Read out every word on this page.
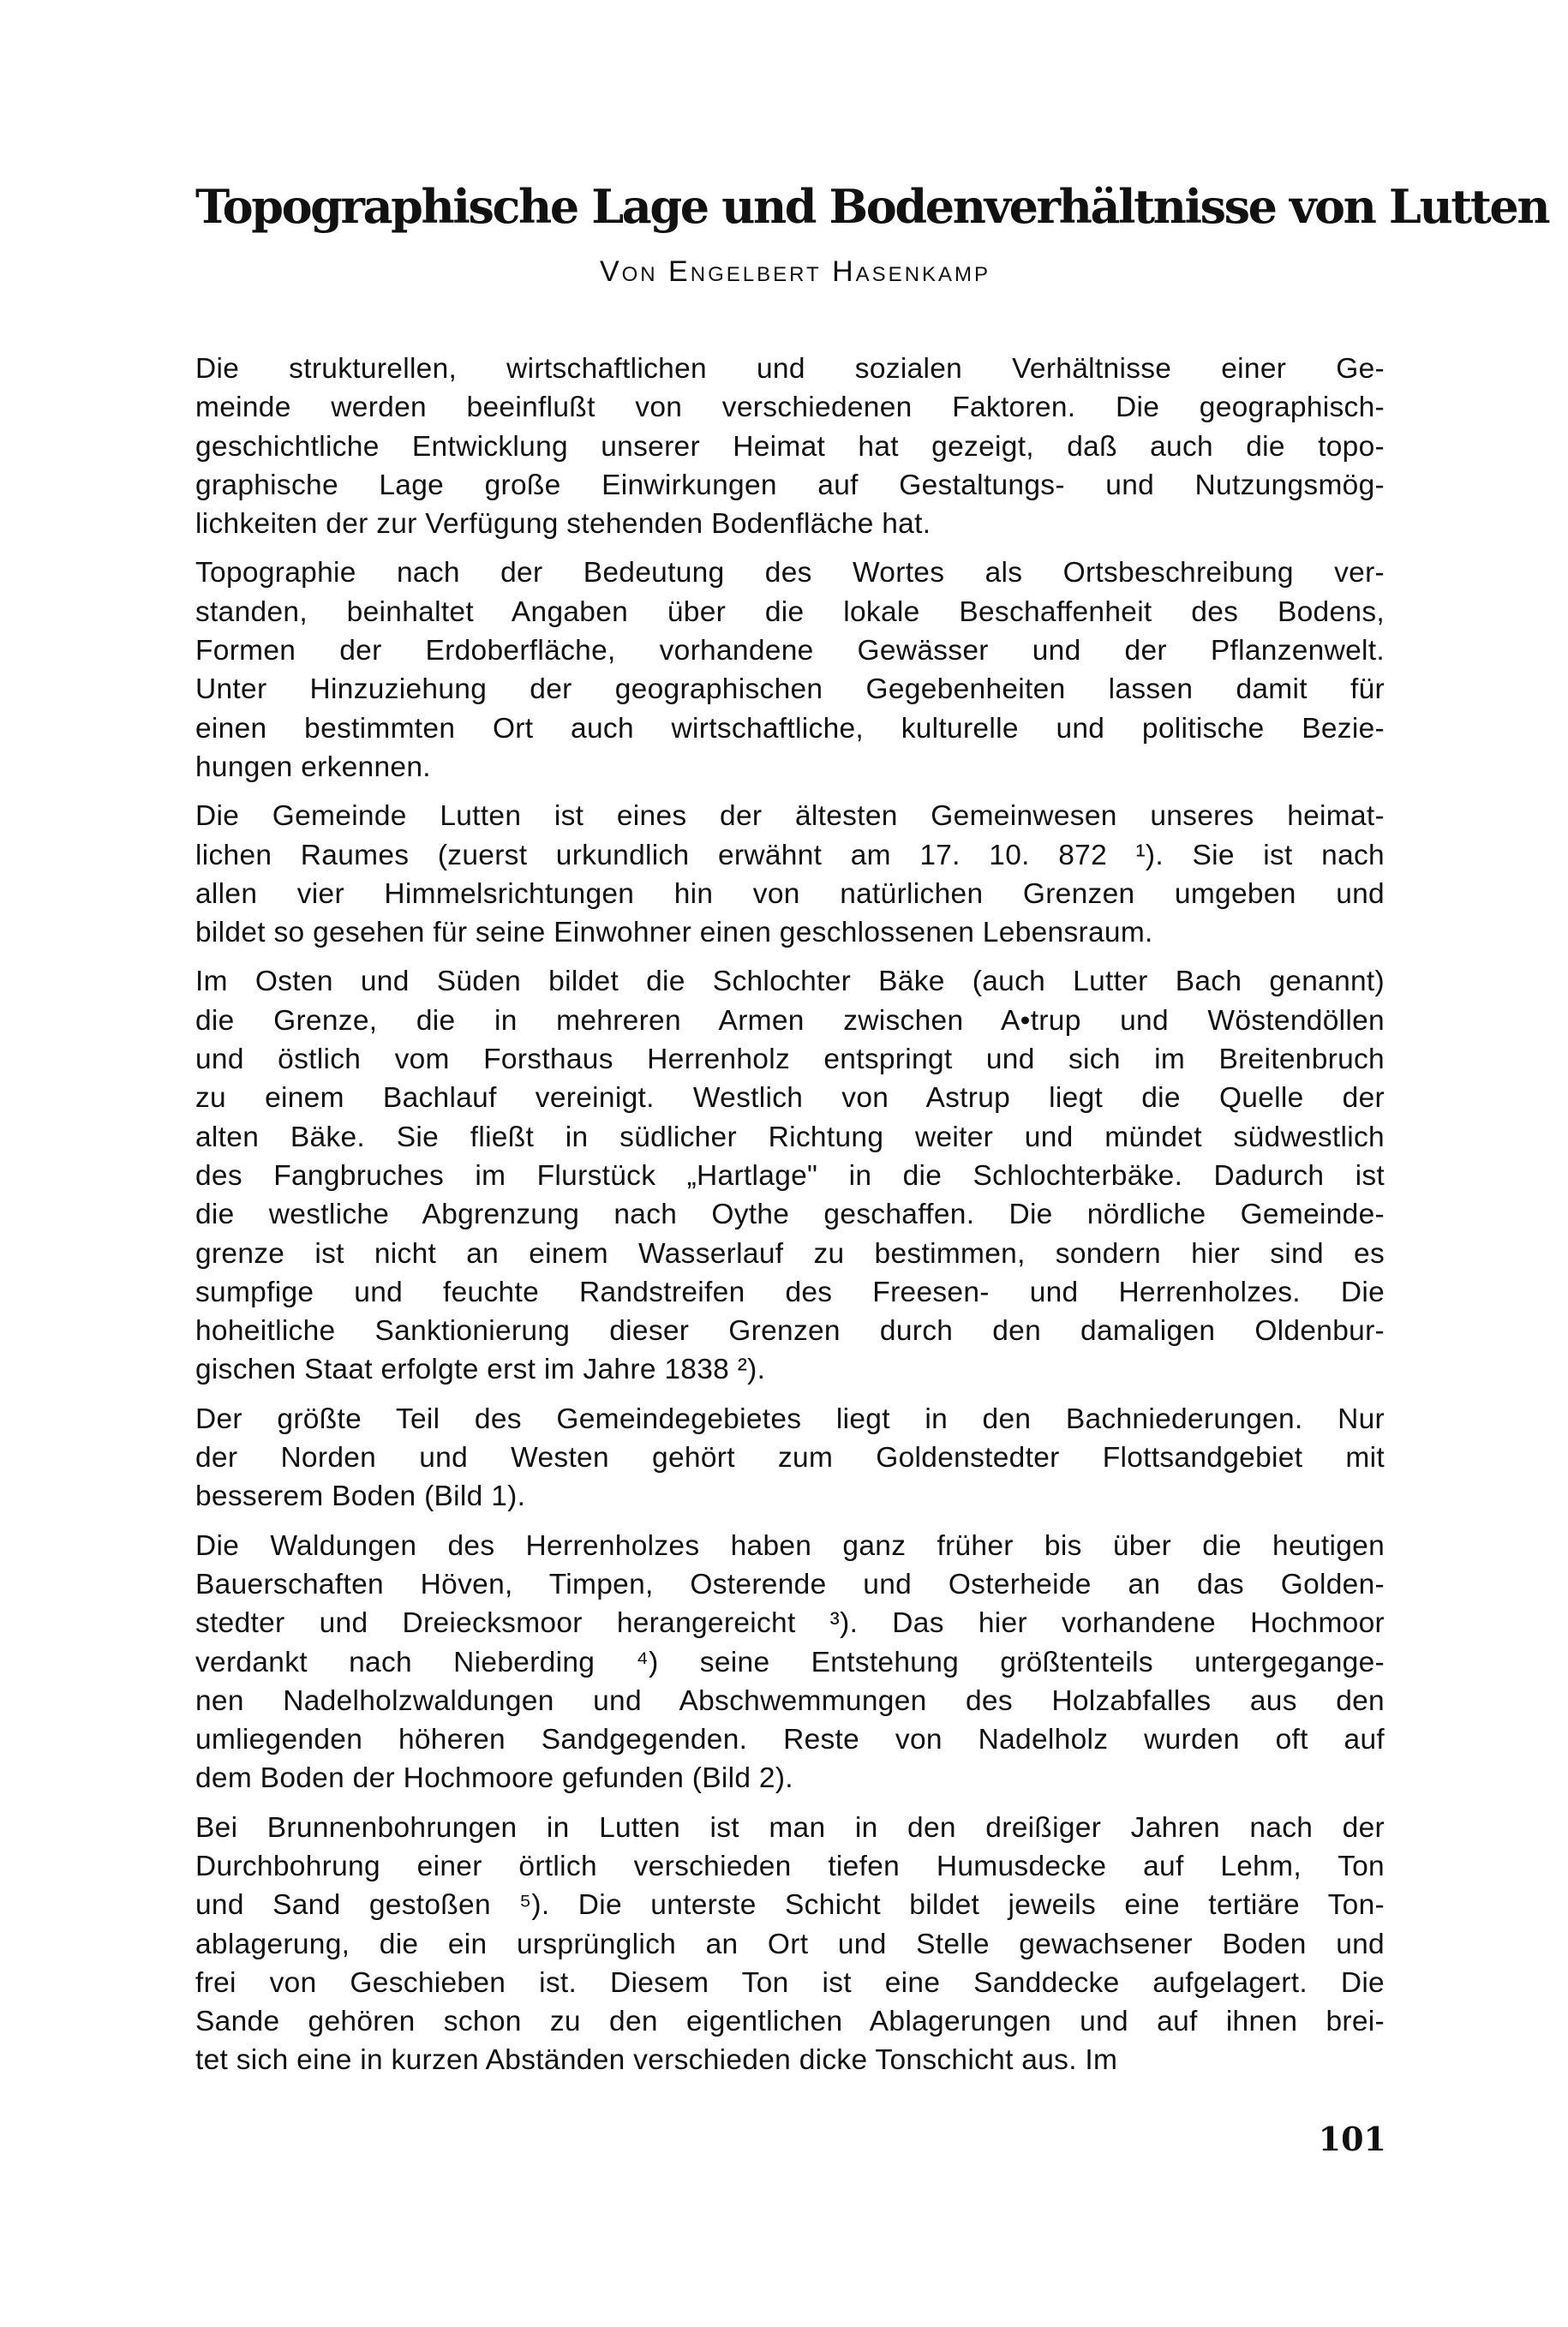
Topographische Lage und Bodenverhältnisse von Lutten
Von Engelbert Hasenkamp

Die strukturellen, wirtschaftlichen und sozialen Verhältnisse einer Ge-
meinde werden beeinflußt von verschiedenen Faktoren. Die geographisch-
geschichtliche Entwicklung unserer Heimat hat gezeigt, daß auch die topo-
graphische Lage große Einwirkungen auf Gestaltungs- und Nutzungsmög-
lichkeiten der zur Verfügung stehenden Bodenfläche hat.

Topographie nach der Bedeutung des Wortes als Ortsbeschreibung ver-
standen, beinhaltet Angaben über die lokale Beschaffenheit des Bodens,
Formen der Erdoberfläche, vorhandene Gewässer und der Pflanzenwelt.
Unter Hinzuziehung der geographischen Gegebenheiten lassen damit für
einen bestimmten Ort auch wirtschaftliche, kulturelle und politische Bezie-
hungen erkennen.

Die Gemeinde Lutten ist eines der ältesten Gemeinwesen unseres heimat-
lichen Raumes (zuerst urkundlich erwähnt am 17. 10. 872 ¹). Sie ist nach
allen vier Himmelsrichtungen hin von natürlichen Grenzen umgeben und
bildet so gesehen für seine Einwohner einen geschlossenen Lebensraum.

Im Osten und Süden bildet die Schlochter Bäke (auch Lutter Bach genannt)
die Grenze, die in mehreren Armen zwischen A•trup und Wöstendöllen
und östlich vom Forsthaus Herrenholz entspringt und sich im Breitenbruch
zu einem Bachlauf vereinigt. Westlich von Astrup liegt die Quelle der
alten Bäke. Sie fließt in südlicher Richtung weiter und mündet südwestlich
des Fangbruches im Flurstück „Hartlage" in die Schlochterbäke. Dadurch ist
die westliche Abgrenzung nach Oythe geschaffen. Die nördliche Gemeinde-
grenze ist nicht an einem Wasserlauf zu bestimmen, sondern hier sind es
sumpfige und feuchte Randstreifen des Freesen- und Herrenholzes. Die
hoheitliche Sanktionierung dieser Grenzen durch den damaligen Oldenbur-
gischen Staat erfolgte erst im Jahre 1838 ²).

Der größte Teil des Gemeindegebietes liegt in den Bachniederungen. Nur
der Norden und Westen gehört zum Goldenstedter Flottsandgebiet mit
besserem Boden (Bild 1).

Die Waldungen des Herrenholzes haben ganz früher bis über die heutigen
Bauerschaften Höven, Timpen, Osterende und Osterheide an das Golden-
stedter und Dreiecksmoor herangereicht ³). Das hier vorhandene Hochmoor
verdankt nach Nieberding ⁴) seine Entstehung größtenteils untergegange-
nen Nadelholzwaldungen und Abschwemmungen des Holzabfalles aus den
umliegenden höheren Sandgegenden. Reste von Nadelholz wurden oft auf
dem Boden der Hochmoore gefunden (Bild 2).

Bei Brunnenbohrungen in Lutten ist man in den dreißiger Jahren nach der
Durchbohrung einer örtlich verschieden tiefen Humusdecke auf Lehm, Ton
und Sand gestoßen ⁵). Die unterste Schicht bildet jeweils eine tertiäre Ton-
ablagerung, die ein ursprünglich an Ort und Stelle gewachsener Boden und
frei von Geschieben ist. Diesem Ton ist eine Sanddecke aufgelagert. Die
Sande gehören schon zu den eigentlichen Ablagerungen und auf ihnen brei-
tet sich eine in kurzen Abständen verschieden dicke Tonschicht aus. Im

101
